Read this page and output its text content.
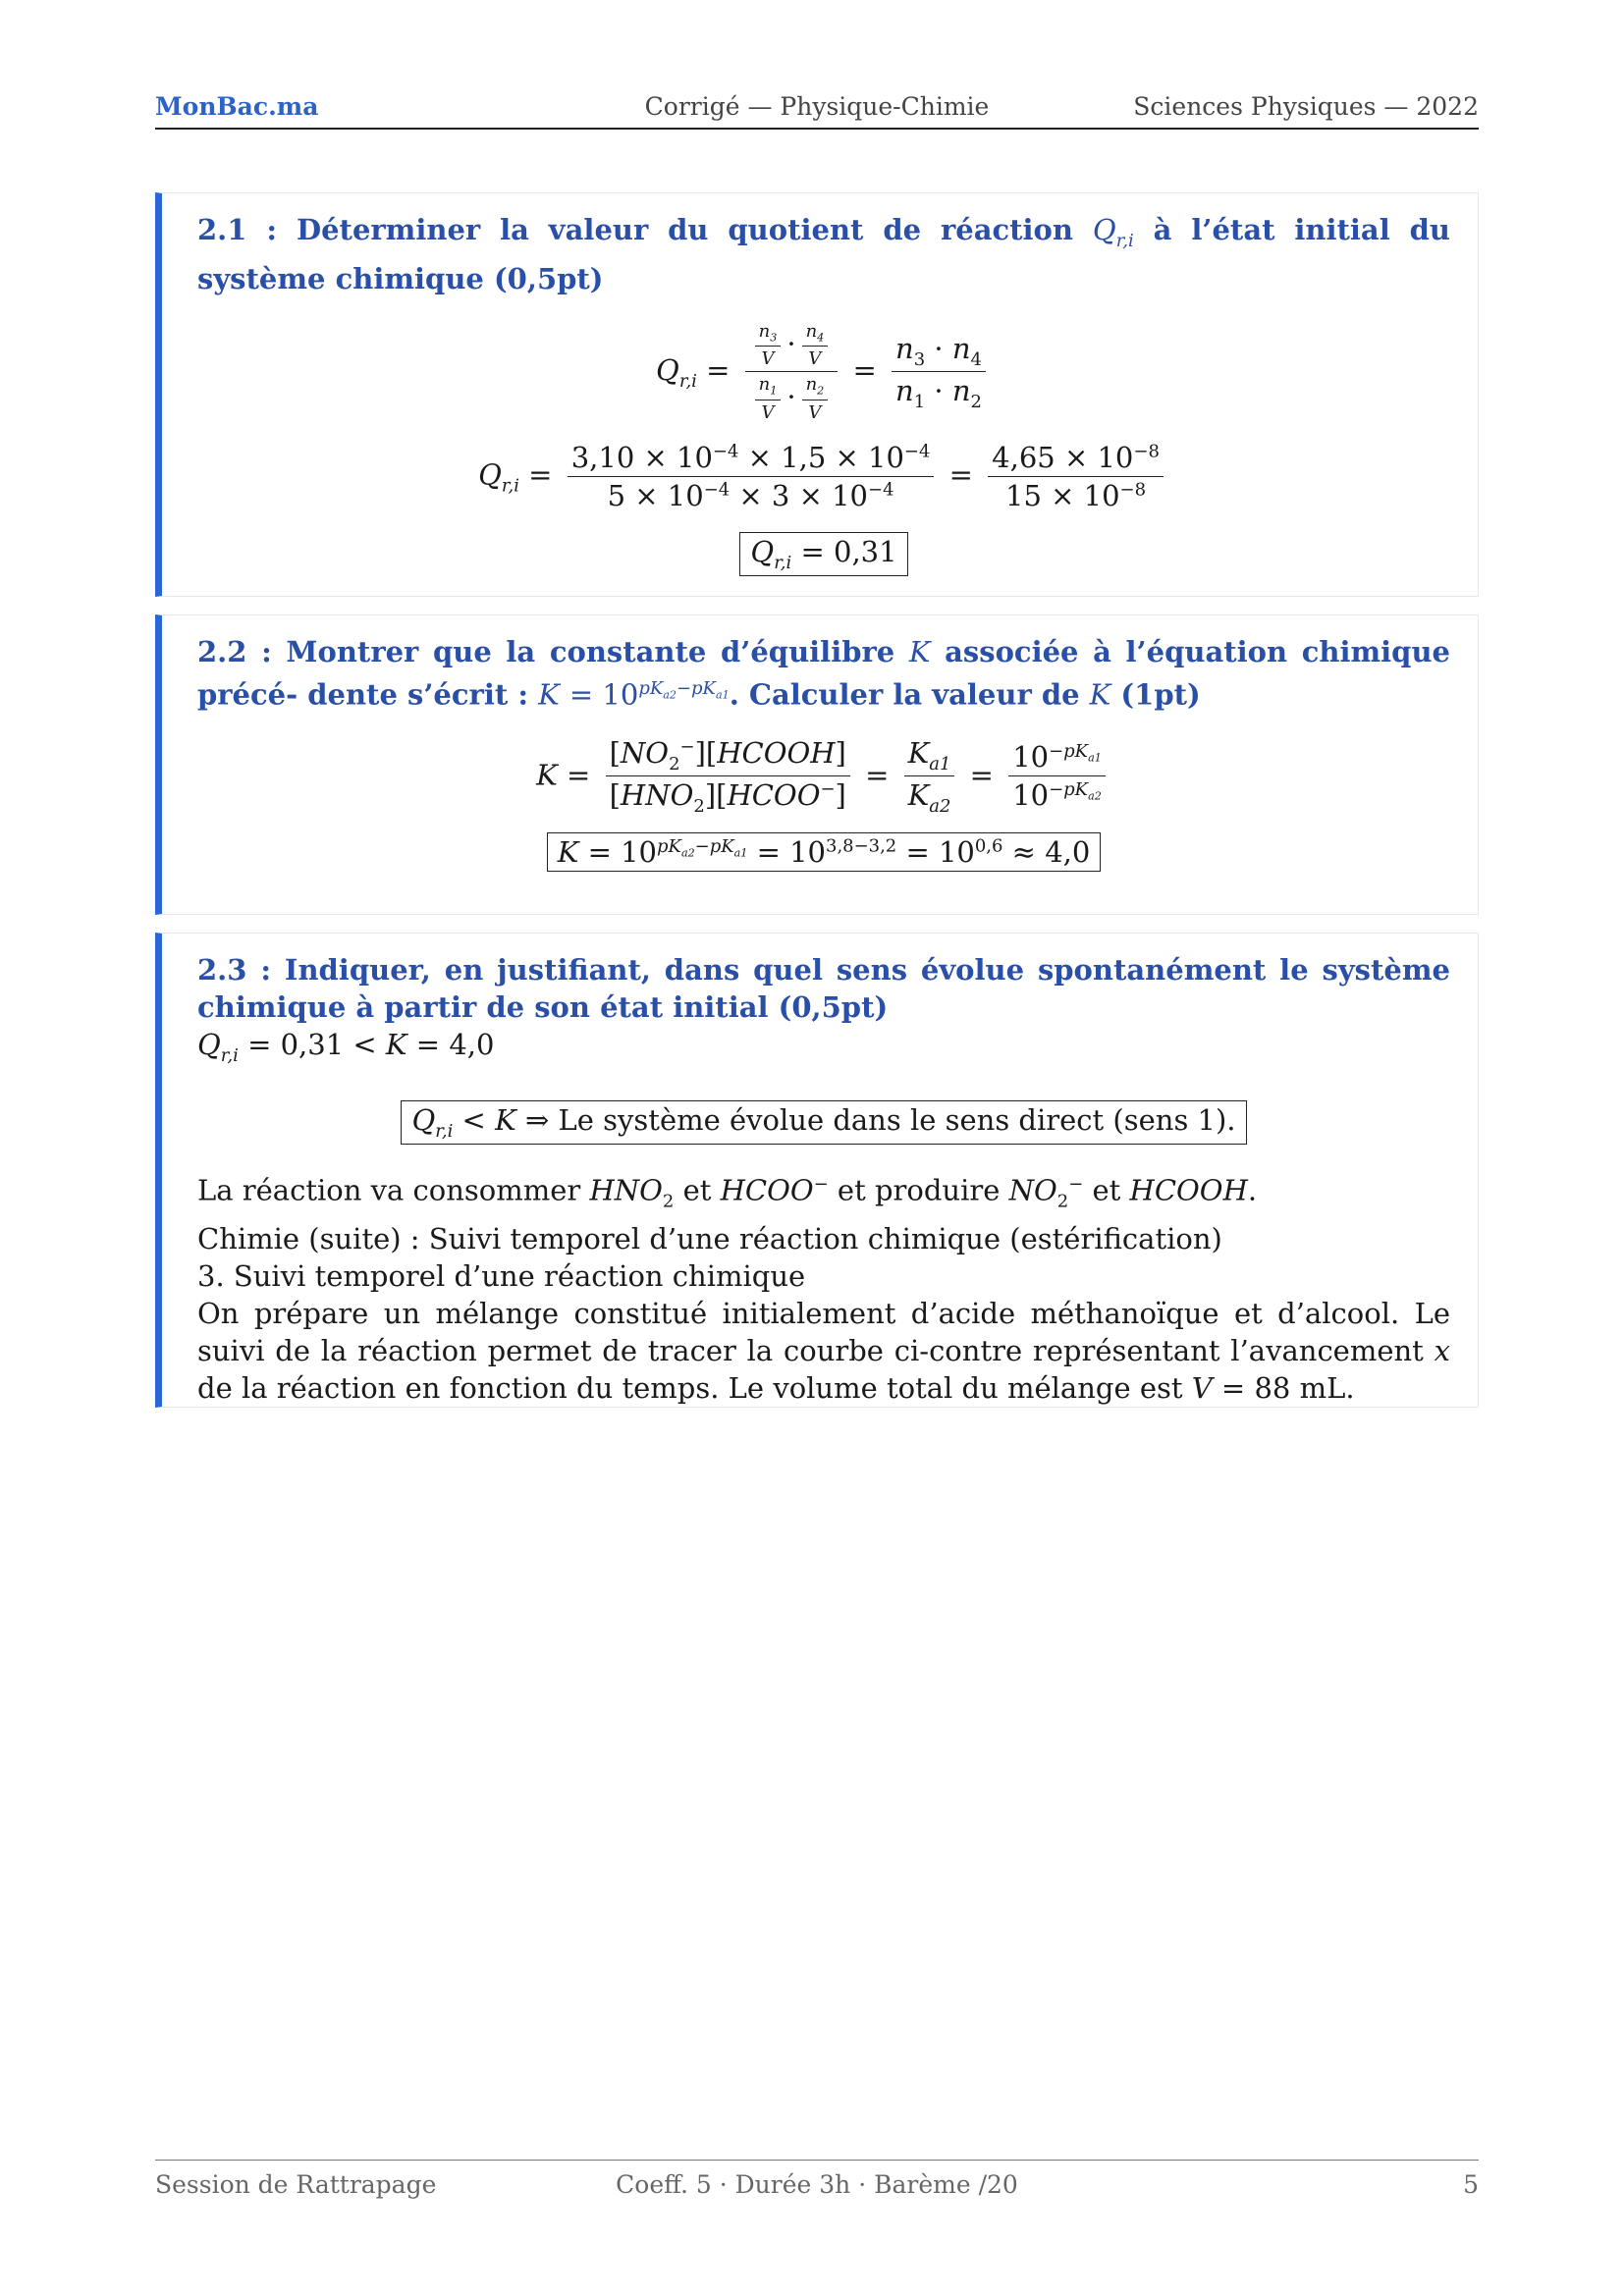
MonBac.ma	Corrigé — Physique-Chimie	Sciences Physiques — 2022
2.1 : Déterminer la valeur du quotient de réaction $Q_{r,i}$ à l’état initial du système chimique (0,5pt)
$Q_{r,i} = \frac{\frac{n_3}{V} \cdot \frac{n_4}{V}}{\frac{n_1}{V} \cdot \frac{n_2}{V}} = \frac{n_3 \cdot n_4}{n_1 \cdot n_2}$
$Q_{r,i} = \frac{3,10 \times 10^{-4} \times 1,5 \times 10^{-4}}{5 \times 10^{-4} \times 3 \times 10^{-4}} = \frac{4,65 \times 10^{-8}}{15 \times 10^{-8}}$
$Q_{r,i} = 0,31$
2.2 : Montrer que la constante d’équilibre K associée à l’équation chimique précé- dente s’écrit : $K = 10^{pK_{a2}-pK_{a1}}$. Calculer la valeur de K (1pt)
$K = \frac{[NO_2^-][HCOOH]}{[HNO_2][HCOO^-]} = \frac{K_{a1}}{K_{a2}} = \frac{10^{-pK_{a1}}}{10^{-pK_{a2}}}$
$K = 10^{pK_{a2}-pK_{a1}} = 10^{3,8-3,2} = 10^{0,6} \approx 4,0$
2.3 : Indiquer, en justifiant, dans quel sens évolue spontanément le système chimique à partir de son état initial (0,5pt)
$Q_{r,i} = 0,31 < K = 4,0$
$Q_{r,i} < K$ ⇒ Le système évolue dans le sens direct (sens 1).
La réaction va consommer $HNO_2$ et HCOO− et produire $NO_2^-$ et HCOOH.
Chimie (suite) : Suivi temporel d’une réaction chimique (estérification)
3. Suivi temporel d’une réaction chimique
On prépare un mélange constitué initialement d’acide méthanoïque et d’alcool. Le suivi de la réaction permet de tracer la courbe ci-contre représentant l’avancement x de la réaction en fonction du temps. Le volume total du mélange est V = 88 mL.
Session de Rattrapage	Coeff. 5 · Durée 3h · Barème /20	5
